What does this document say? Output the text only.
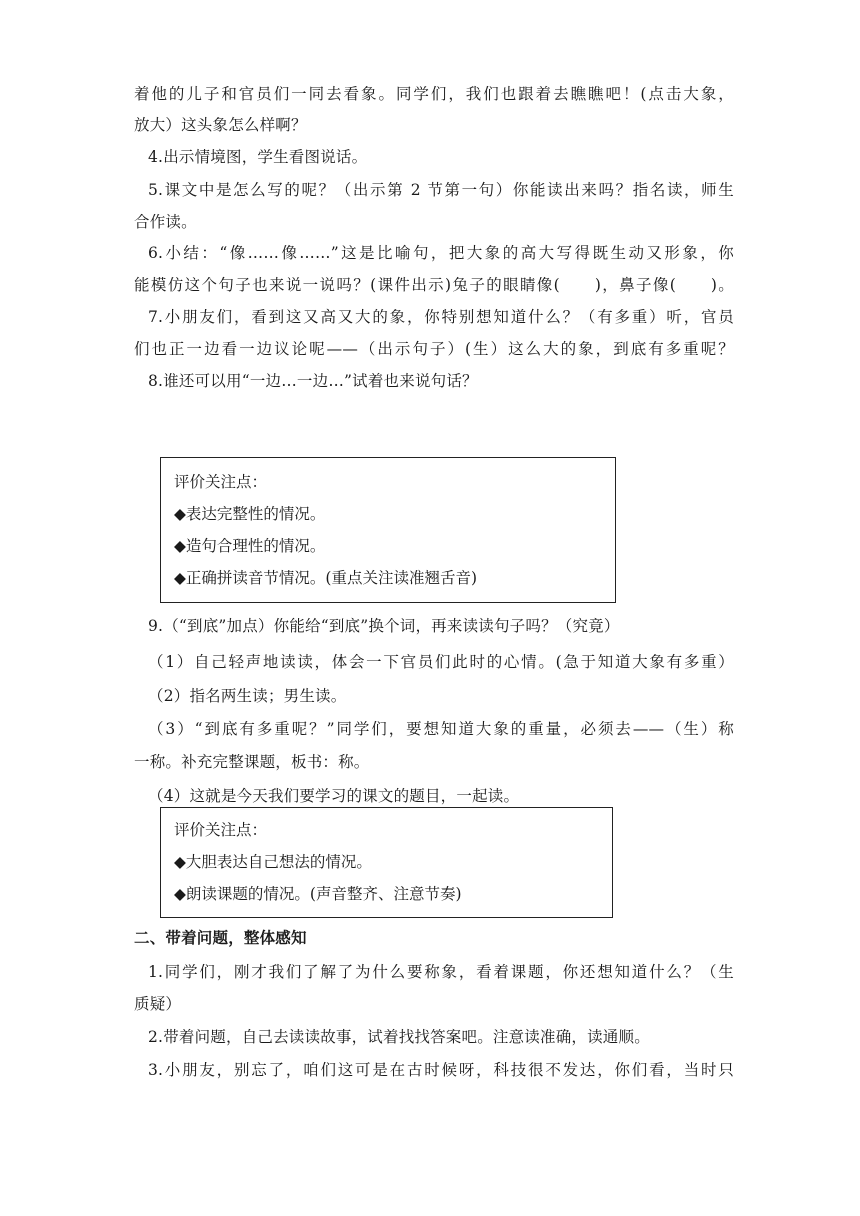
着他的儿子和官员们一同去看象。同学们，我们也跟着去瞧瞧吧！(点击大象，
放大）这头象怎么样啊？
4.出示情境图，学生看图说话。
5.课文中是怎么写的呢？（出示第 2 节第一句）你能读出来吗？指名读，师生
合作读。
6.小结：“像……像……”这是比喻句，把大象的高大写得既生动又形象，你
能模仿这个句子也来说一说吗？(课件出示)兔子的眼睛像(　　)，鼻子像(　　)。
7.小朋友们，看到这又高又大的象，你特别想知道什么？（有多重）听，官员
们也正一边看一边议论呢——（出示句子）(生）这么大的象，到底有多重呢？
8.谁还可以用“一边…一边…”试着也来说句话？
评价关注点：
◆表达完整性的情况。
◆造句合理性的情况。
◆正确拼读音节情况。(重点关注读准翘舌音)
9.（“到底”加点）你能给“到底”换个词，再来读读句子吗？（究竟）
（1）自己轻声地读读，体会一下官员们此时的心情。(急于知道大象有多重）
（2）指名两生读；男生读。
（3）“到底有多重呢？”同学们，要想知道大象的重量，必须去——（生）称
一称。补充完整课题，板书：称。
（4）这就是今天我们要学习的课文的题目，一起读。
评价关注点：
◆大胆表达自己想法的情况。
◆朗读课题的情况。(声音整齐、注意节奏)
二、带着问题，整体感知
1.同学们，刚才我们了解了为什么要称象，看着课题，你还想知道什么？（生
质疑）
2.带着问题，自己去读读故事，试着找找答案吧。注意读准确，读通顺。
3.小朋友，别忘了，咱们这可是在古时候呀，科技很不发达，你们看，当时只
